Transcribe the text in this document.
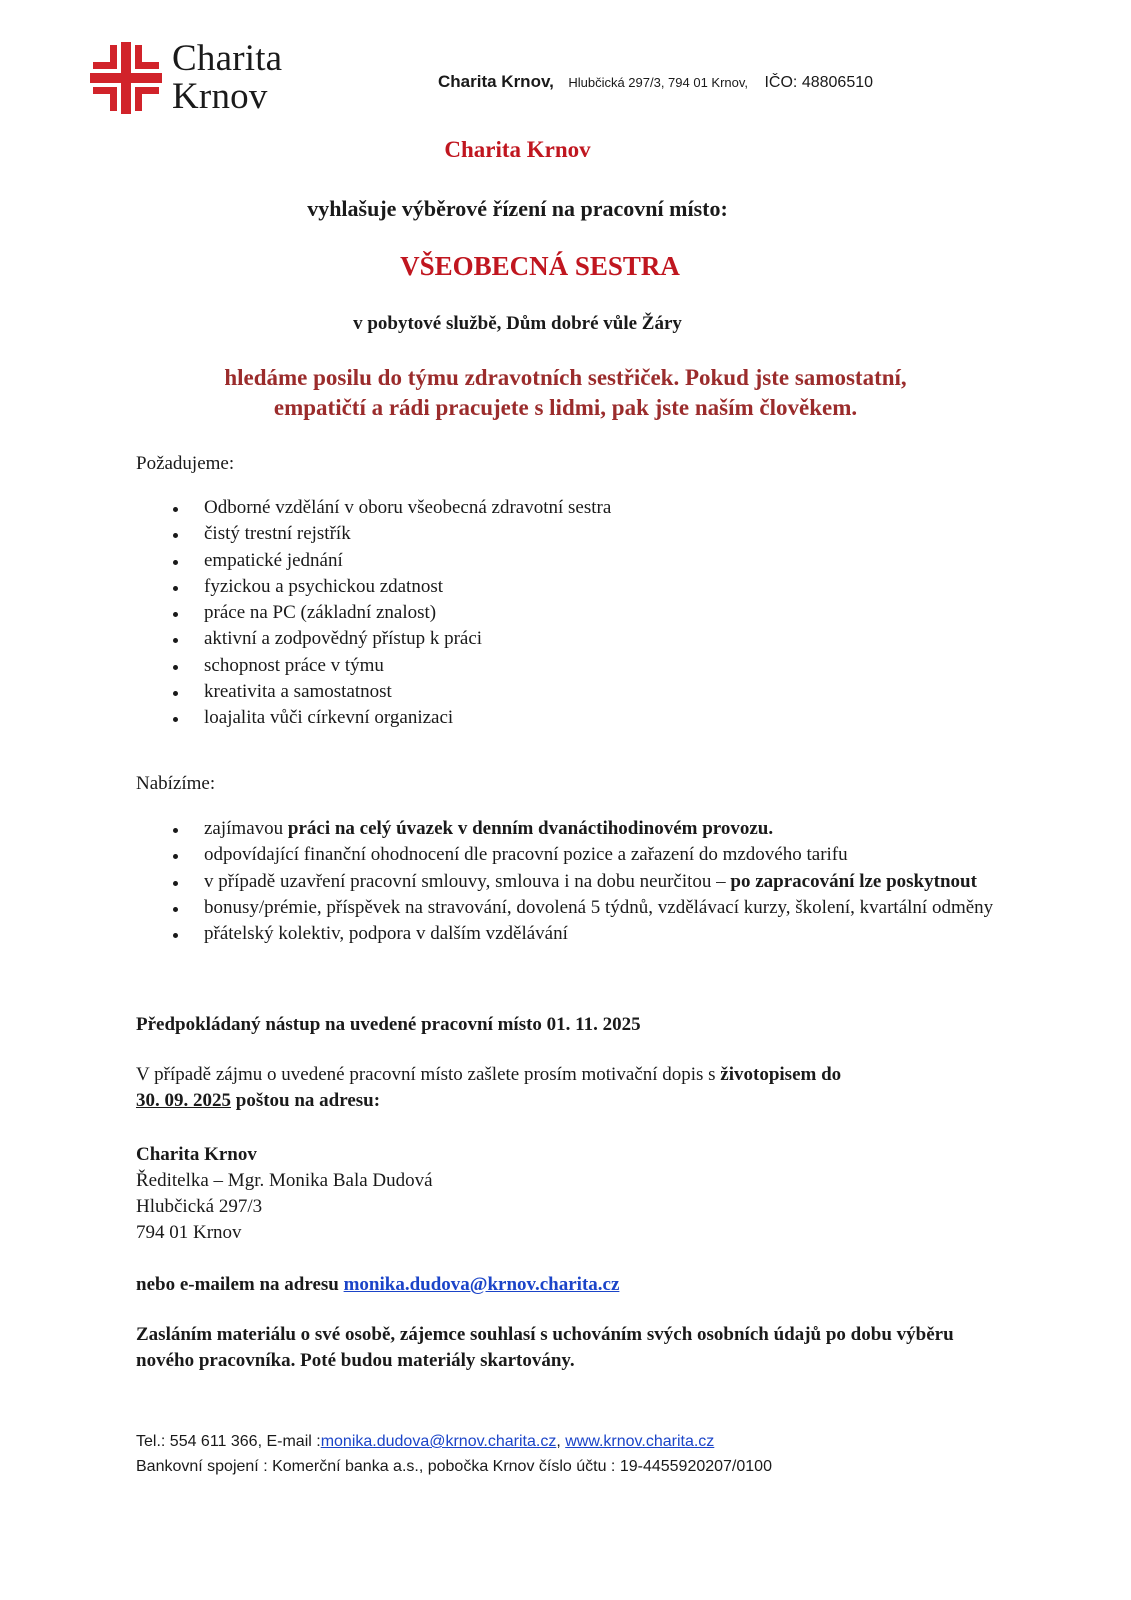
Charita
Krnov	Charita Krnov, Hlubčická 297/3, 794 01 Krnov, IČO: 48806510
Charita Krnov
vyhlašuje výběrové řízení na pracovní místo:
VŠEOBECNÁ SESTRA
v pobytové službě, Dům dobré vůle Žáry
hledáme posilu do týmu zdravotních sestřiček. Pokud jste samostatní,
empatičtí a rádi pracujete s lidmi, pak jste naším člověkem.
Požadujeme:
Odborné vzdělání v oboru všeobecná zdravotní sestra
čistý trestní rejstřík
empatické jednání
fyzickou a psychickou zdatnost
práce na PC (základní znalost)
aktivní a zodpovědný přístup k práci
schopnost práce v týmu
kreativita a samostatnost
loajalita vůči církevní organizaci
Nabízíme:
zajímavou práci na celý úvazek v denním dvanáctihodinovém provozu.
odpovídající finanční ohodnocení dle pracovní pozice a zařazení do mzdového tarifu
v případě uzavření pracovní smlouvy, smlouva i na dobu neurčitou – po zapracování lze poskytnout
bonusy/prémie, příspěvek na stravování, dovolená 5 týdnů, vzdělávací kurzy, školení, kvartální odměny
přátelský kolektiv, podpora v dalším vzdělávání
Předpokládaný nástup na uvedené pracovní místo 01. 11. 2025
V případě zájmu o uvedené pracovní místo zašlete prosím motivační dopis s životopisem do
30. 09. 2025 poštou na adresu:
Charita Krnov
Ředitelka – Mgr. Monika Bala Dudová
Hlubčická 297/3
794 01 Krnov
nebo e-mailem na adresu monika.dudova@krnov.charita.cz
Zasláním materiálu o své osobě, zájemce souhlasí s uchováním svých osobních údajů po dobu výběru nového pracovníka. Poté budou materiály skartovány.
Tel.: 554 611 366, E-mail :monika.dudova@krnov.charita.cz, www.krnov.charita.cz
Bankovní spojení : Komerční banka a.s., pobočka Krnov číslo účtu : 19-4455920207/0100
